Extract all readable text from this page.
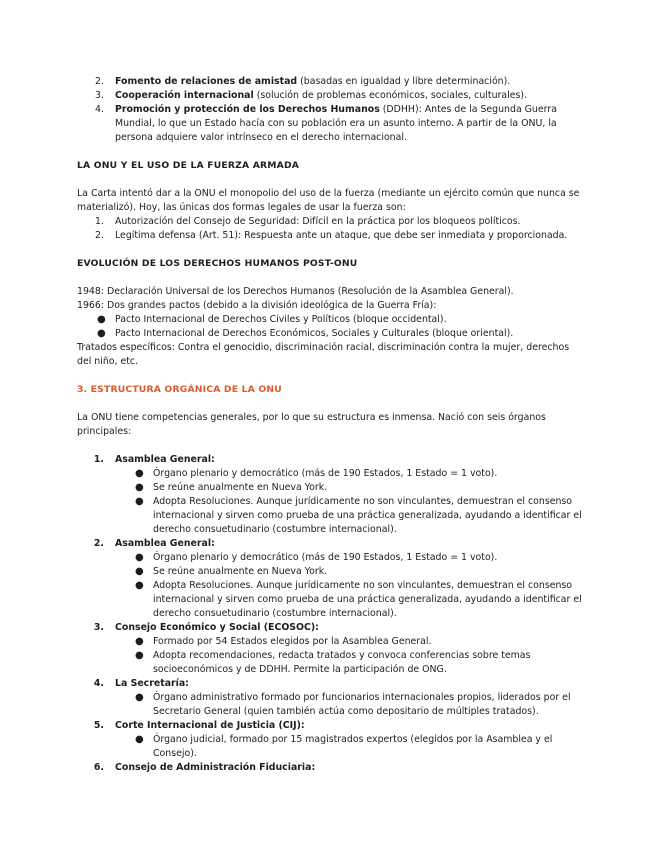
2. Fomento de relaciones de amistad (basadas en igualdad y libre determinación).
3. Cooperación internacional (solución de problemas económicos, sociales, culturales).
4. Promoción y protección de los Derechos Humanos (DDHH): Antes de la Segunda Guerra Mundial, lo que un Estado hacía con su población era un asunto interno. A partir de la ONU, la persona adquiere valor intrínseco en el derecho internacional.

LA ONU Y EL USO DE LA FUERZA ARMADA

La Carta intentó dar a la ONU el monopolio del uso de la fuerza (mediante un ejército común que nunca se materializó). Hoy, las únicas dos formas legales de usar la fuerza son:

1. Autorización del Consejo de Seguridad: Difícil en la práctica por los bloqueos políticos.
2. Legítima defensa (Art. 51): Respuesta ante un ataque, que debe ser inmediata y proporcionada.

EVOLUCIÓN DE LOS DERECHOS HUMANOS POST-ONU

1948: Declaración Universal de los Derechos Humanos (Resolución de la Asamblea General).

1966: Dos grandes pactos (debido a la división ideológica de la Guerra Fría):

● Pacto Internacional de Derechos Civiles y Políticos (bloque occidental).
● Pacto Internacional de Derechos Económicos, Sociales y Culturales (bloque oriental).

Tratados específicos: Contra el genocidio, discriminación racial, discriminación contra la mujer, derechos del niño, etc.

3. ESTRUCTURA ORGÁNICA DE LA ONU

La ONU tiene competencias generales, por lo que su estructura es inmensa. Nació con seis órganos principales:

1. Asamblea General:
● Órgano plenario y democrático (más de 190 Estados, 1 Estado = 1 voto).
● Se reúne anualmente en Nueva York.
● Adopta Resoluciones. Aunque jurídicamente no son vinculantes, demuestran el consenso internacional y sirven como prueba de una práctica generalizada, ayudando a identificar el derecho consuetudinario (costumbre internacional).
2. Asamblea General:
● Órgano plenario y democrático (más de 190 Estados, 1 Estado = 1 voto).
● Se reúne anualmente en Nueva York.
● Adopta Resoluciones. Aunque jurídicamente no son vinculantes, demuestran el consenso internacional y sirven como prueba de una práctica generalizada, ayudando a identificar el derecho consuetudinario (costumbre internacional).
3. Consejo Económico y Social (ECOSOC):
● Formado por 54 Estados elegidos por la Asamblea General.
● Adopta recomendaciones, redacta tratados y convoca conferencias sobre temas socioeconómicos y de DDHH. Permite la participación de ONG.
4. La Secretaría:
● Órgano administrativo formado por funcionarios internacionales propios, liderados por el Secretario General (quien también actúa como depositario de múltiples tratados).
5. Corte Internacional de Justicia (CIJ):
● Órgano judicial, formado por 15 magistrados expertos (elegidos por la Asamblea y el Consejo).
6. Consejo de Administración Fiduciaria:
